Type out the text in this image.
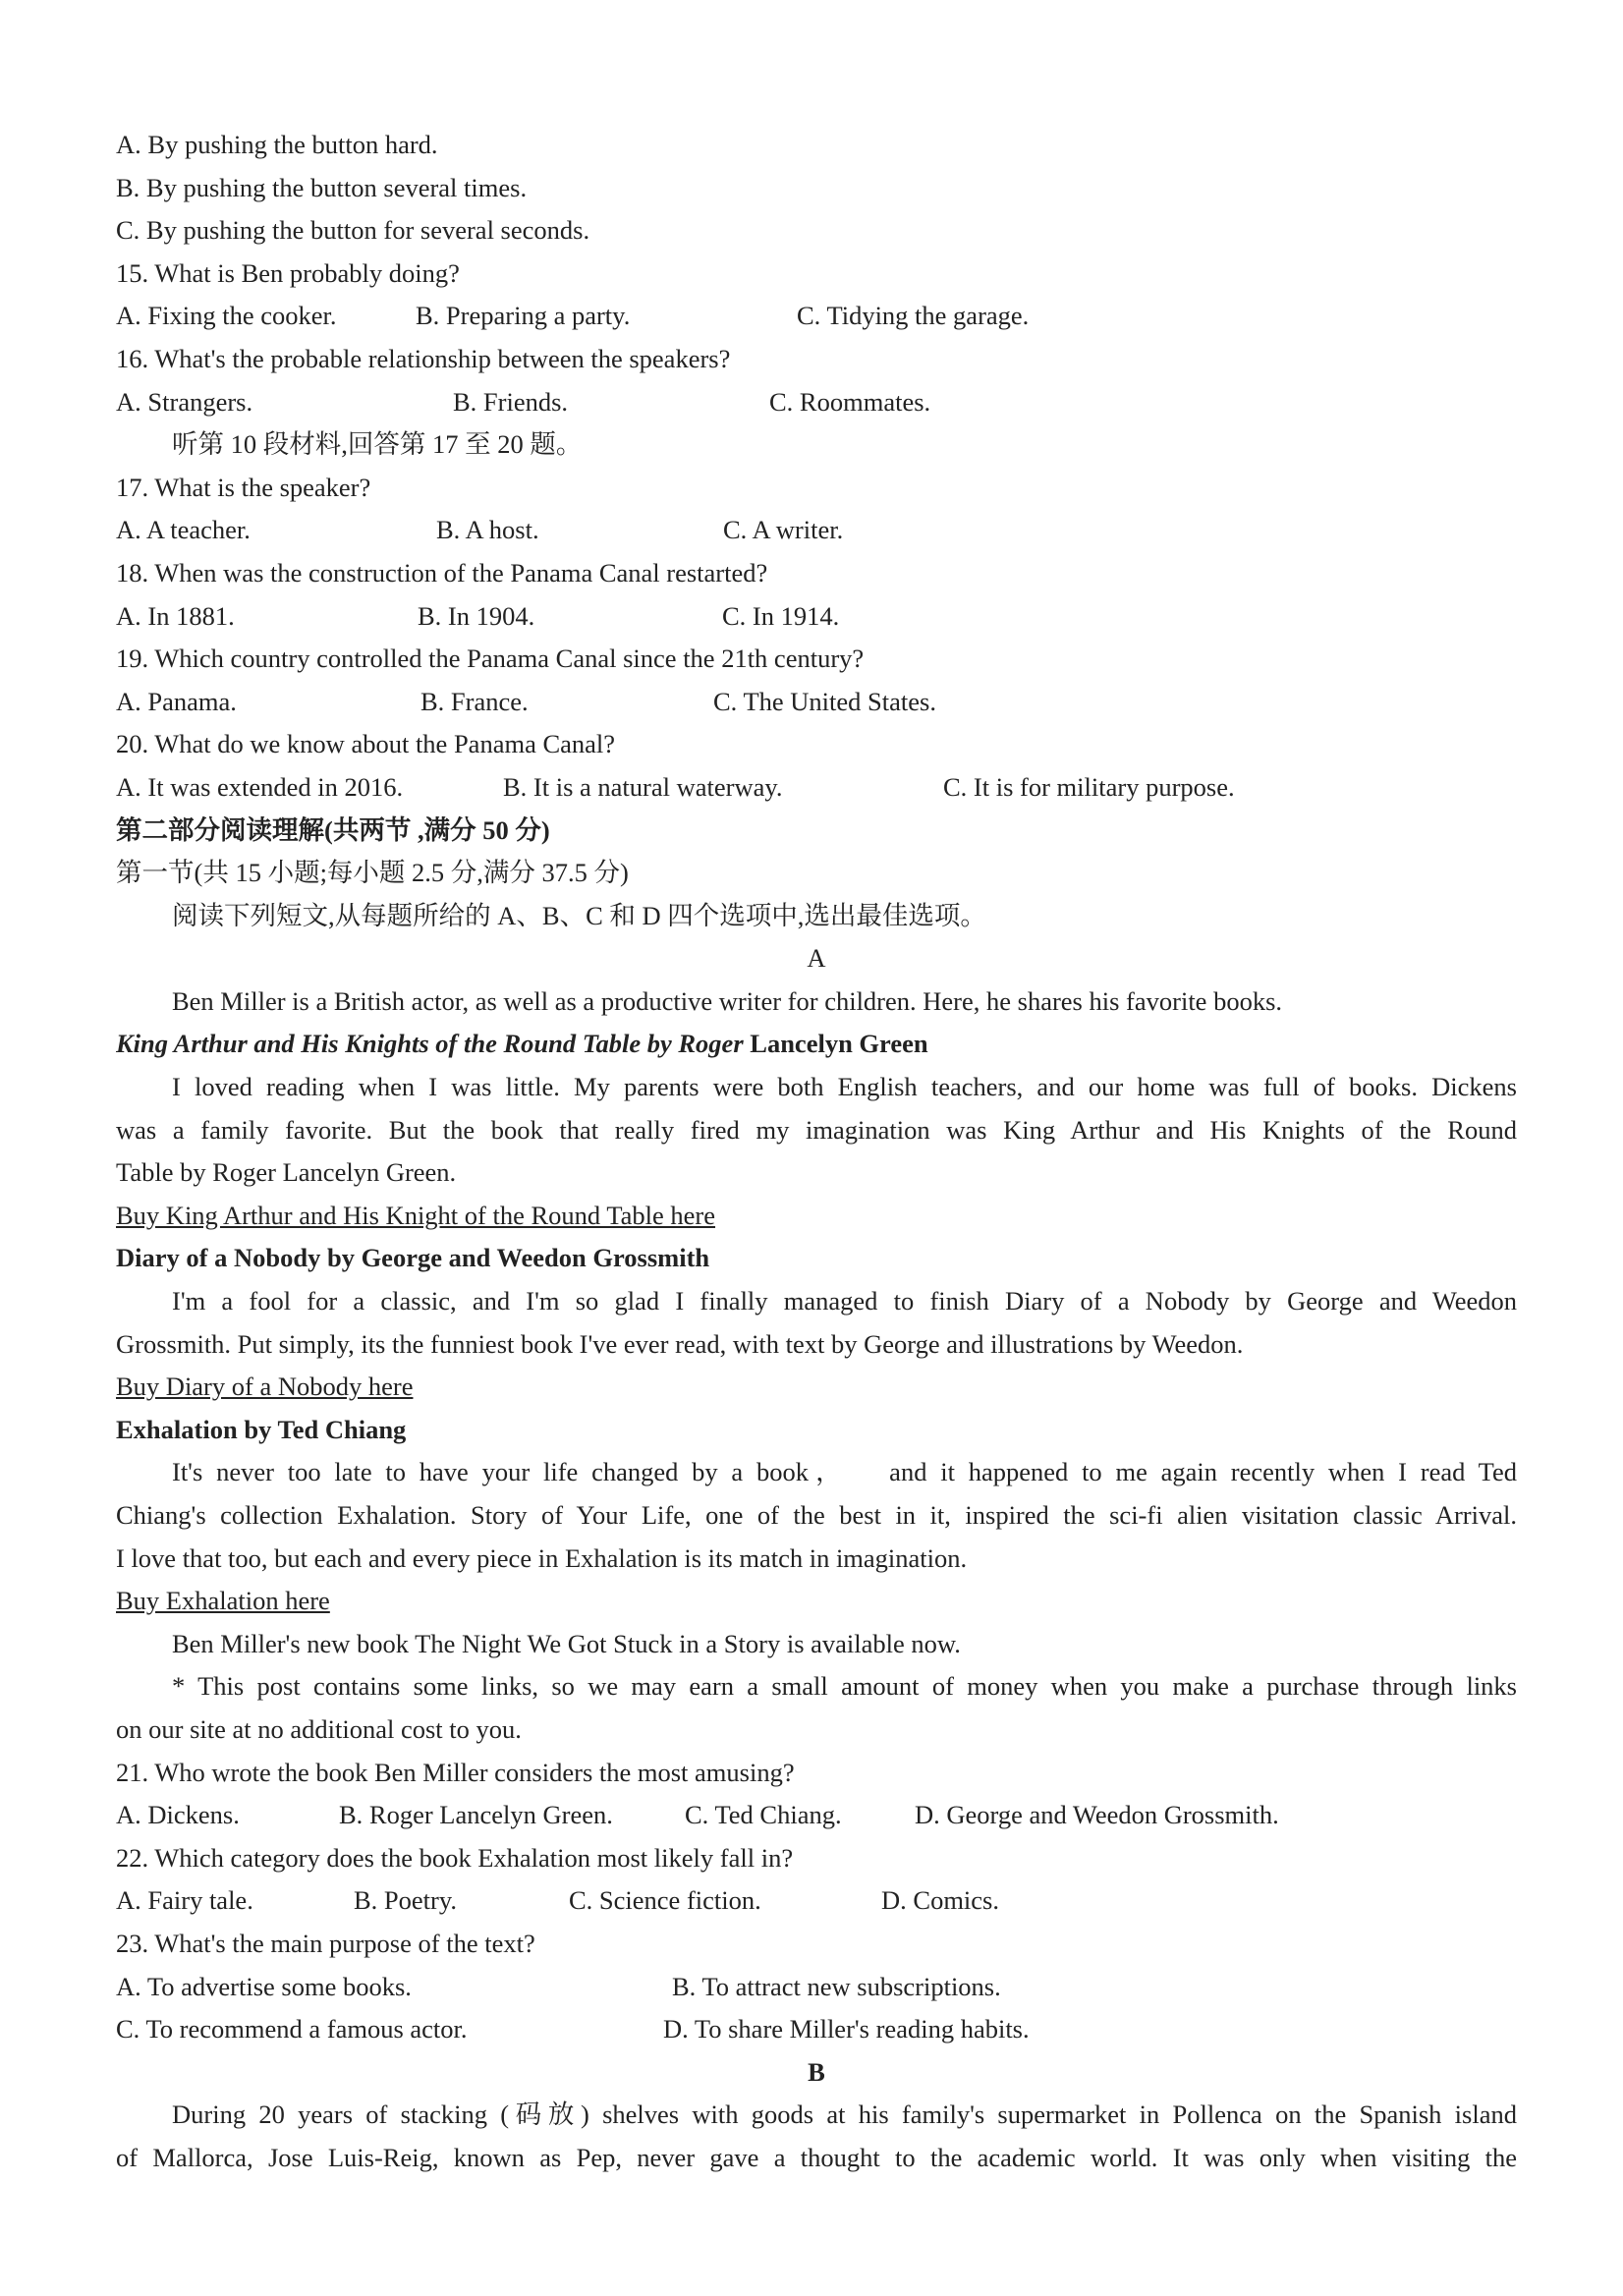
A. By pushing the button hard.
B. By pushing the button several times.
C. By pushing the button for several seconds.
15. What is Ben probably doing?
A. Fixing the cooker.	B. Preparing a party.	C. Tidying the garage.
16. What's the probable relationship between the speakers?
A. Strangers.	B. Friends.	C. Roommates.
听第 10 段材料,回答第 17 至 20 题。
17. What is the speaker?
A. A teacher.	B. A host.	C. A writer.
18. When was the construction of the Panama Canal restarted?
A. In 1881.	B. In 1904.	C. In 1914.
19. Which country controlled the Panama Canal since the 21th century?
A. Panama.	B. France.	C. The United States.
20. What do we know about the Panama Canal?
A. It was extended in 2016.	B. It is a natural waterway.	C. It is for military purpose.
第二部分阅读理解(共两节 ,满分 50 分)
第一节(共 15 小题;每小题 2.5 分,满分 37.5 分)
阅读下列短文,从每题所给的 A、B、C 和 D 四个选项中,选出最佳选项。
A
Ben Miller is a British actor, as well as a productive writer for children. Here, he shares his favorite books.
King Arthur and His Knights of the Round Table by Roger Lancelyn Green
I loved reading when I was little. My parents were both English teachers, and our home was full of books. Dickens
was a family favorite. But the book that really fired my imagination was King Arthur and His Knights of the Round
Table by Roger Lancelyn Green.
Buy King Arthur and His Knight of the Round Table here
Diary of a Nobody by George and Weedon Grossmith
I'm a fool for a classic, and I'm so glad I finally managed to finish Diary of a Nobody by George and Weedon
Grossmith. Put simply, its the funniest book I've ever read, with text by George and illustrations by Weedon.
Buy Diary of a Nobody here
Exhalation by Ted Chiang
It's never too late to have your life changed by a book，   and it happened to me again recently when I read Ted
Chiang's collection Exhalation. Story of Your Life, one of the best in it, inspired the sci-fi alien visitation classic Arrival.
I love that too, but each and every piece in Exhalation is its match in imagination.
Buy Exhalation here
Ben Miller's new book The Night We Got Stuck in a Story is available now.
* This post contains some links, so we may earn a small amount of money when you make a purchase through links
on our site at no additional cost to you.
21. Who wrote the book Ben Miller considers the most amusing?
A. Dickens.	B. Roger Lancelyn Green.	C. Ted Chiang.	D. George and Weedon Grossmith.
22. Which category does the book Exhalation most likely fall in?
A. Fairy tale.	B. Poetry.	C. Science fiction.	D. Comics.
23. What's the main purpose of the text?
A. To advertise some books.	B. To attract new subscriptions.
C. To recommend a famous actor.	D. To share Miller's reading habits.
B
During 20 years of stacking (码放) shelves with goods at his family's supermarket in Pollenca on the Spanish island
of Mallorca, Jose Luis-Reig, known as Pep, never gave a thought to the academic world. It was only when visiting the
